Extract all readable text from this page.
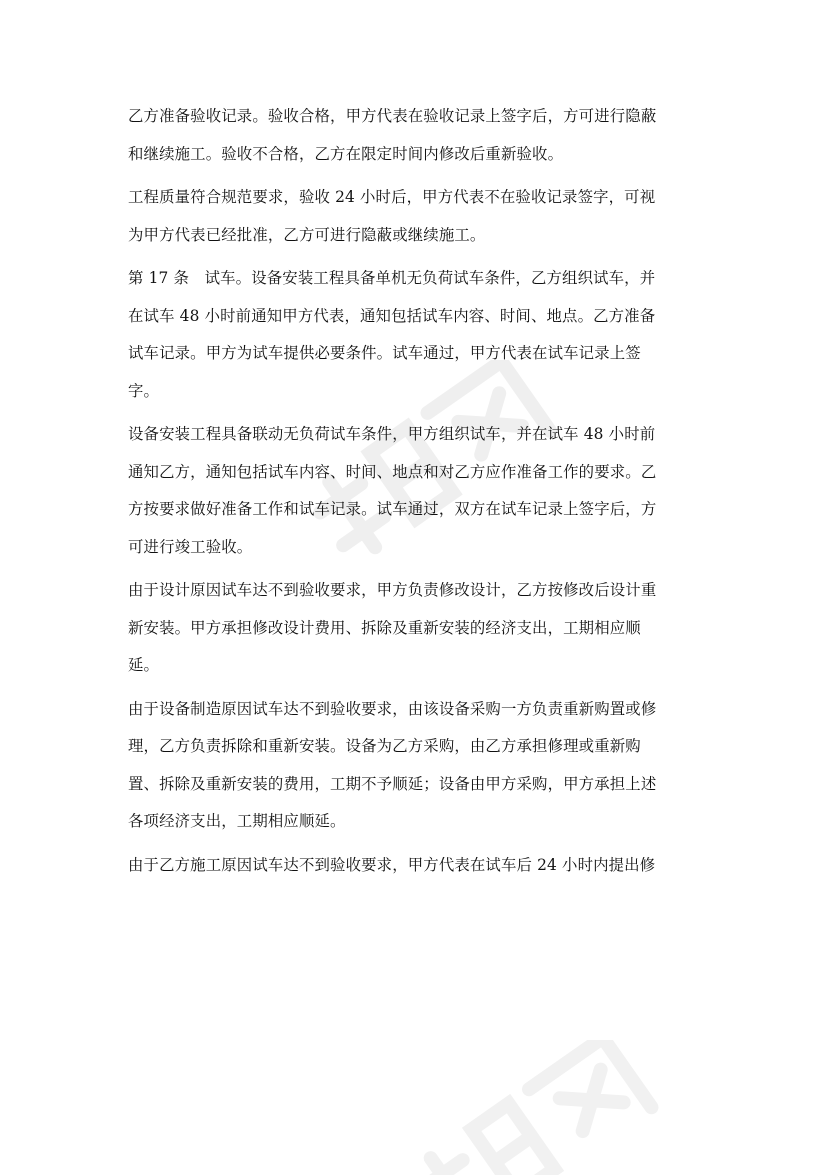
乙方准备验收记录。验收合格，甲方代表在验收记录上签字后，方可进行隐蔽
和继续施工。验收不合格，乙方在限定时间内修改后重新验收。

工程质量符合规范要求，验收 24 小时后，甲方代表不在验收记录签字，可视
为甲方代表已经批准，乙方可进行隐蔽或继续施工。

第 17 条　试车。设备安装工程具备单机无负荷试车条件，乙方组织试车，并
在试车 48 小时前通知甲方代表，通知包括试车内容、时间、地点。乙方准备
试车记录。甲方为试车提供必要条件。试车通过，甲方代表在试车记录上签
字。

设备安装工程具备联动无负荷试车条件，甲方组织试车，并在试车 48 小时前
通知乙方，通知包括试车内容、时间、地点和对乙方应作准备工作的要求。乙
方按要求做好准备工作和试车记录。试车通过，双方在试车记录上签字后，方
可进行竣工验收。

由于设计原因试车达不到验收要求，甲方负责修改设计，乙方按修改后设计重
新安装。甲方承担修改设计费用、拆除及重新安装的经济支出，工期相应顺
延。

由于设备制造原因试车达不到验收要求，由该设备采购一方负责重新购置或修
理，乙方负责拆除和重新安装。设备为乙方采购，由乙方承担修理或重新购
置、拆除及重新安装的费用，工期不予顺延；设备由甲方采购，甲方承担上述
各项经济支出，工期相应顺延。

由于乙方施工原因试车达不到验收要求，甲方代表在试车后 24 小时内提出修
